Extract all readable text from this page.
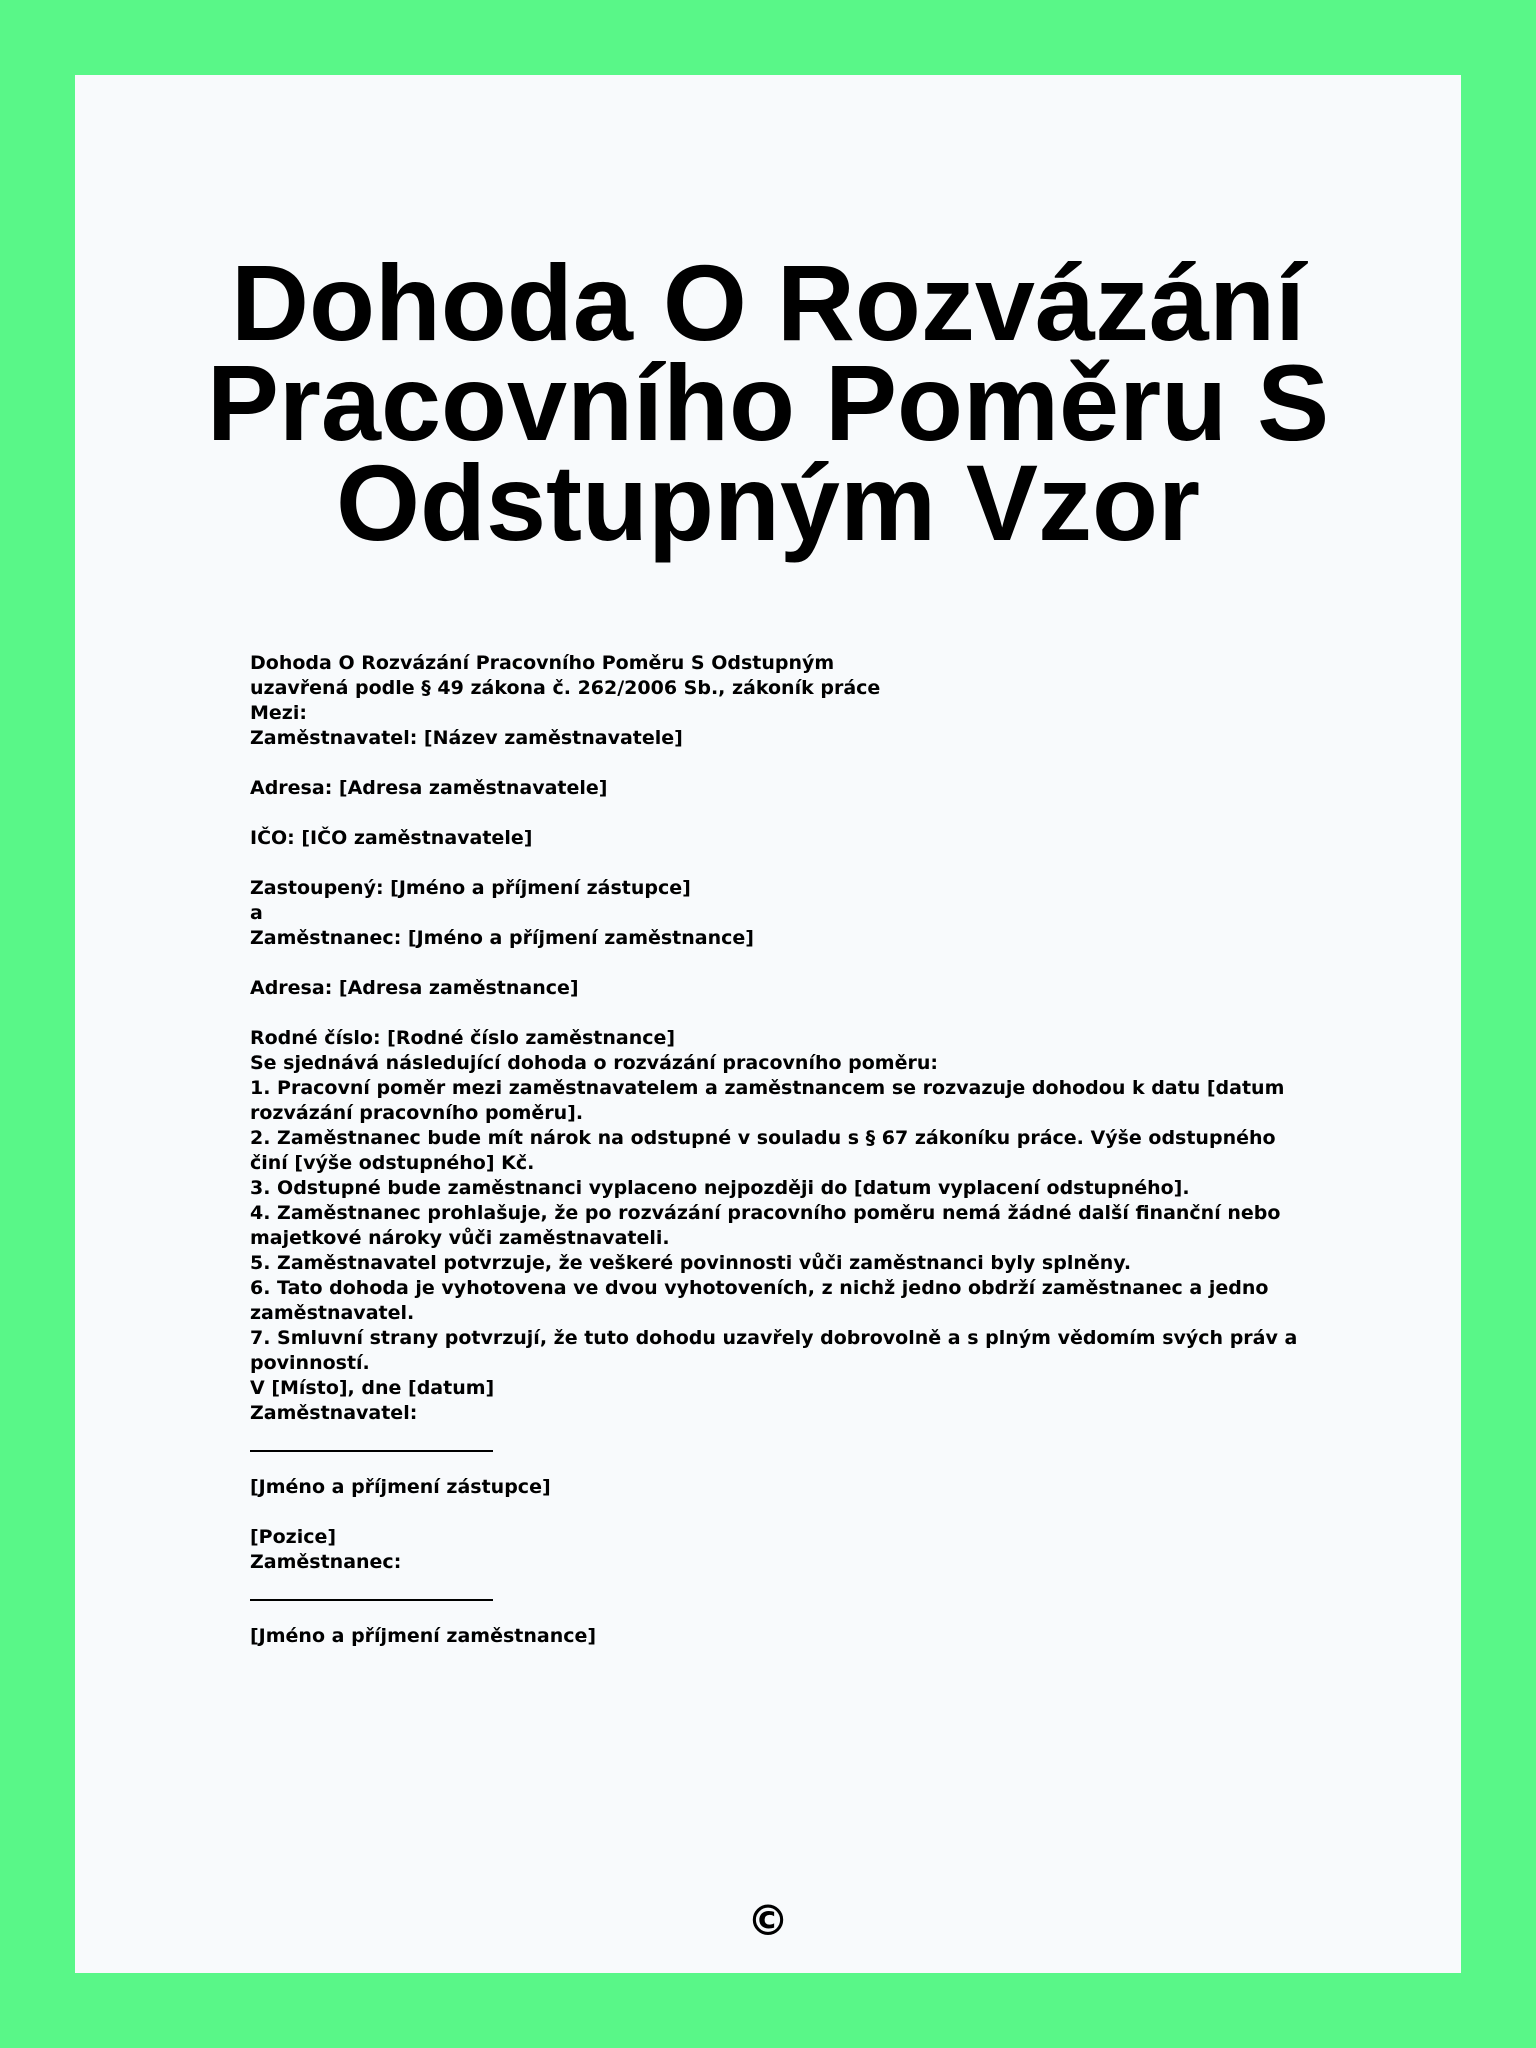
Dohoda O Rozvázání Pracovního Poměru S Odstupným Vzor
Dohoda O Rozvázání Pracovního Poměru S Odstupným
uzavřená podle § 49 zákona č. 262/2006 Sb., zákoník práce
Mezi:
Zaměstnavatel: [Název zaměstnavatele]
Adresa: [Adresa zaměstnavatele]
IČO: [IČO zaměstnavatele]
Zastoupený: [Jméno a příjmení zástupce]
a
Zaměstnanec: [Jméno a příjmení zaměstnance]
Adresa: [Adresa zaměstnance]
Rodné číslo: [Rodné číslo zaměstnance]
Se sjednává následující dohoda o rozvázání pracovního poměru:
1. Pracovní poměr mezi zaměstnavatelem a zaměstnancem se rozvazuje dohodou k datu [datum rozvázání pracovního poměru].
2. Zaměstnanec bude mít nárok na odstupné v souladu s § 67 zákoníku práce. Výše odstupného činí [výše odstupného] Kč.
3. Odstupné bude zaměstnanci vyplaceno nejpozději do [datum vyplacení odstupného].
4. Zaměstnanec prohlašuje, že po rozvázání pracovního poměru nemá žádné další finanční nebo majetkové nároky vůči zaměstnavateli.
5. Zaměstnavatel potvrzuje, že veškeré povinnosti vůči zaměstnanci byly splněny.
6. Tato dohoda je vyhotovena ve dvou vyhotoveních, z nichž jedno obdrží zaměstnanec a jedno zaměstnavatel.
7. Smluvní strany potvrzují, že tuto dohodu uzavřely dobrovolně a s plným vědomím svých práv a povinností.
V [Místo], dne [datum]
Zaměstnavatel:
[Jméno a příjmení zástupce]
[Pozice]
Zaměstnanec:
[Jméno a příjmení zaměstnance]
©
